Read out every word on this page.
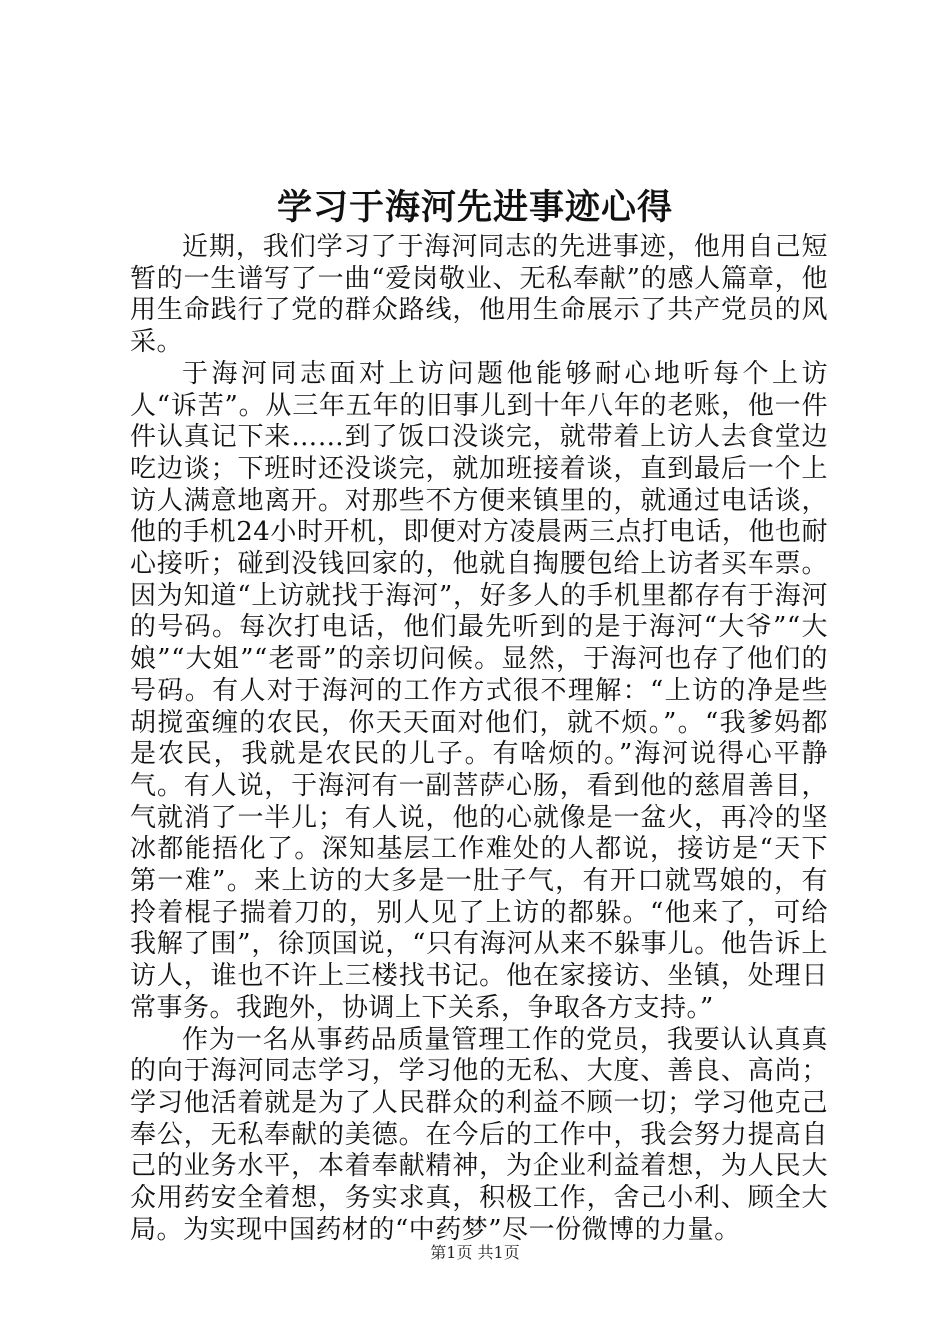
学习于海河先进事迹心得

近期，我们学习了于海河同志的先进事迹，他用自己短暂的一生谱写了一曲“爱岗敬业、无私奉献”的感人篇章，他用生命践行了党的群众路线，他用生命展示了共产党员的风采。

于海河同志面对上访问题他能够耐心地听每个上访人“诉苦”。从三年五年的旧事儿到十年八年的老账，他一件件认真记下来……到了饭口没谈完，就带着上访人去食堂边吃边谈；下班时还没谈完，就加班接着谈，直到最后一个上访人满意地离开。对那些不方便来镇里的，就通过电话谈，他的手机24小时开机，即便对方凌晨两三点打电话，他也耐心接听；碰到没钱回家的，他就自掏腰包给上访者买车票。因为知道“上访就找于海河”，好多人的手机里都存有于海河的号码。每次打电话，他们最先听到的是于海河“大爷”“大娘”“大姐”“老哥”的亲切问候。显然，于海河也存了他们的号码。有人对于海河的工作方式很不理解：“上访的净是些胡搅蛮缠的农民，你天天面对他们，就不烦。”。“我爹妈都是农民，我就是农民的儿子。有啥烦的。”海河说得心平静气。有人说，于海河有一副菩萨心肠，看到他的慈眉善目，气就消了一半儿；有人说，他的心就像是一盆火，再冷的坚冰都能捂化了。深知基层工作难处的人都说，接访是“天下第一难”。来上访的大多是一肚子气，有开口就骂娘的，有拎着棍子揣着刀的，别人见了上访的都躲。“他来了，可给我解了围”，徐顶国说，“只有海河从来不躲事儿。他告诉上访人，谁也不许上三楼找书记。他在家接访、坐镇，处理日常事务。我跑外，协调上下关系，争取各方支持。”

作为一名从事药品质量管理工作的党员，我要认认真真的向于海河同志学习，学习他的无私、大度、善良、高尚；学习他活着就是为了人民群众的利益不顾一切；学习他克己奉公，无私奉献的美德。在今后的工作中，我会努力提高自己的业务水平，本着奉献精神，为企业利益着想，为人民大众用药安全着想，务实求真，积极工作，舍己小利、顾全大局。为实现中国药材的“中药梦”尽一份微博的力量。

第1页 共1页
